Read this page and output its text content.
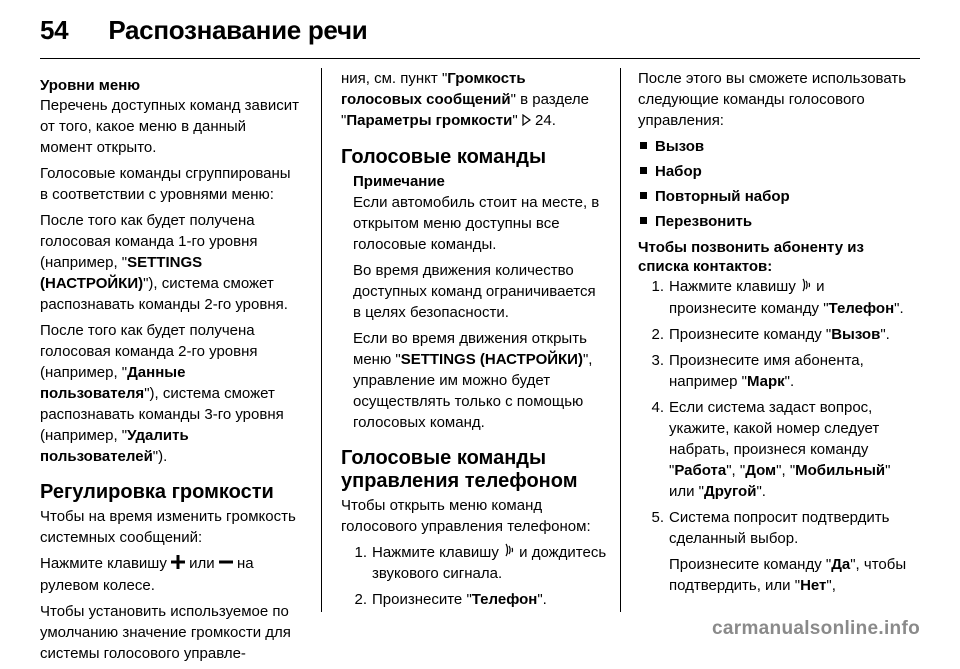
54 Распознавание речи
Уровни меню

Перечень доступных команд зависит от того, какое меню в данный момент открыто.

Голосовые команды сгруппированы в соответствии с уровнями меню:

После того как будет получена голосовая команда 1-го уровня (например, "SETTINGS (НАСТРОЙКИ)"), система сможет распознавать команды 2-го уровня.

После того как будет получена голосовая команда 2-го уровня (например, "Данные пользователя"), система сможет распознавать команды 3-го уровня (например, "Удалить пользователей").

Регулировка громкости

Чтобы на время изменить громкость системных сообщений:

Нажмите клавишу  или  на рулевом колесе.

Чтобы установить используемое по умолчанию значение громкости для системы голосового управле-

ния, см. пункт "Громкость голосовых сообщений" в разделе "Параметры громкости"  24.

Голосовые команды
Примечание

Если автомобиль стоит на месте, в открытом меню доступны все голосовые команды.

Во время движения количество доступных команд ограничивается в целях безопасности.

Если во время движения открыть меню "SETTINGS (НАСТРОЙКИ)", управление им можно будет осуществлять только с помощью голосовых команд.

Голосовые команды управления телефоном

Чтобы открыть меню команд голосового управления телефоном:

1. Нажмите клавишу  и дождитесь звукового сигнала.
2. Произнесите "Телефон".

После этого вы сможете использовать следующие команды голосового управления:

Вызов
Набор
Повторный набор
Перезвонить
Чтобы позвонить абоненту из списка контактов:
1. Нажмите клавишу  и произнесите команду "Телефон".
2. Произнесите команду "Вызов".
3. Произнесите имя абонента, например "Марк".
4. Если система задаст вопрос, укажите, какой номер следует набрать, произнеся команду "Работа", "Дом", "Мобильный" или "Другой".
5. Система попросит подтвердить сделанный выбор.
Произнесите команду "Да", чтобы подтвердить, или "Нет",
carmanualsonline.info
